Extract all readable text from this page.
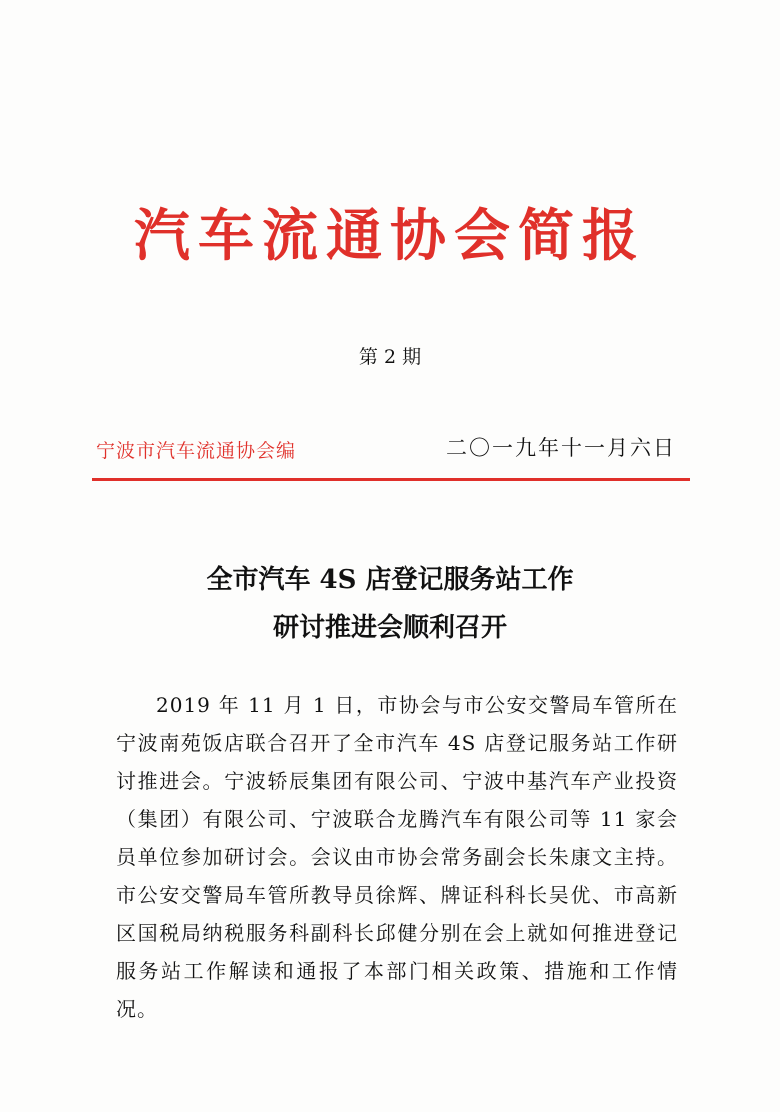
汽车流通协会简报
第 2 期
宁波市汽车流通协会编	二〇一九年十一月六日
全市汽车 4S 店登记服务站工作
研讨推进会顺利召开
2019 年 11 月 1 日，市协会与市公安交警局车管所在宁波南苑饭店联合召开了全市汽车 4S 店登记服务站工作研讨推进会。宁波轿辰集团有限公司、宁波中基汽车产业投资（集团）有限公司、宁波联合龙腾汽车有限公司等 11 家会员单位参加研讨会。会议由市协会常务副会长朱康文主持。市公安交警局车管所教导员徐辉、牌证科科长吴优、市高新区国税局纳税服务科副科长邱健分别在会上就如何推进登记服务站工作解读和通报了本部门相关政策、措施和工作情况。
